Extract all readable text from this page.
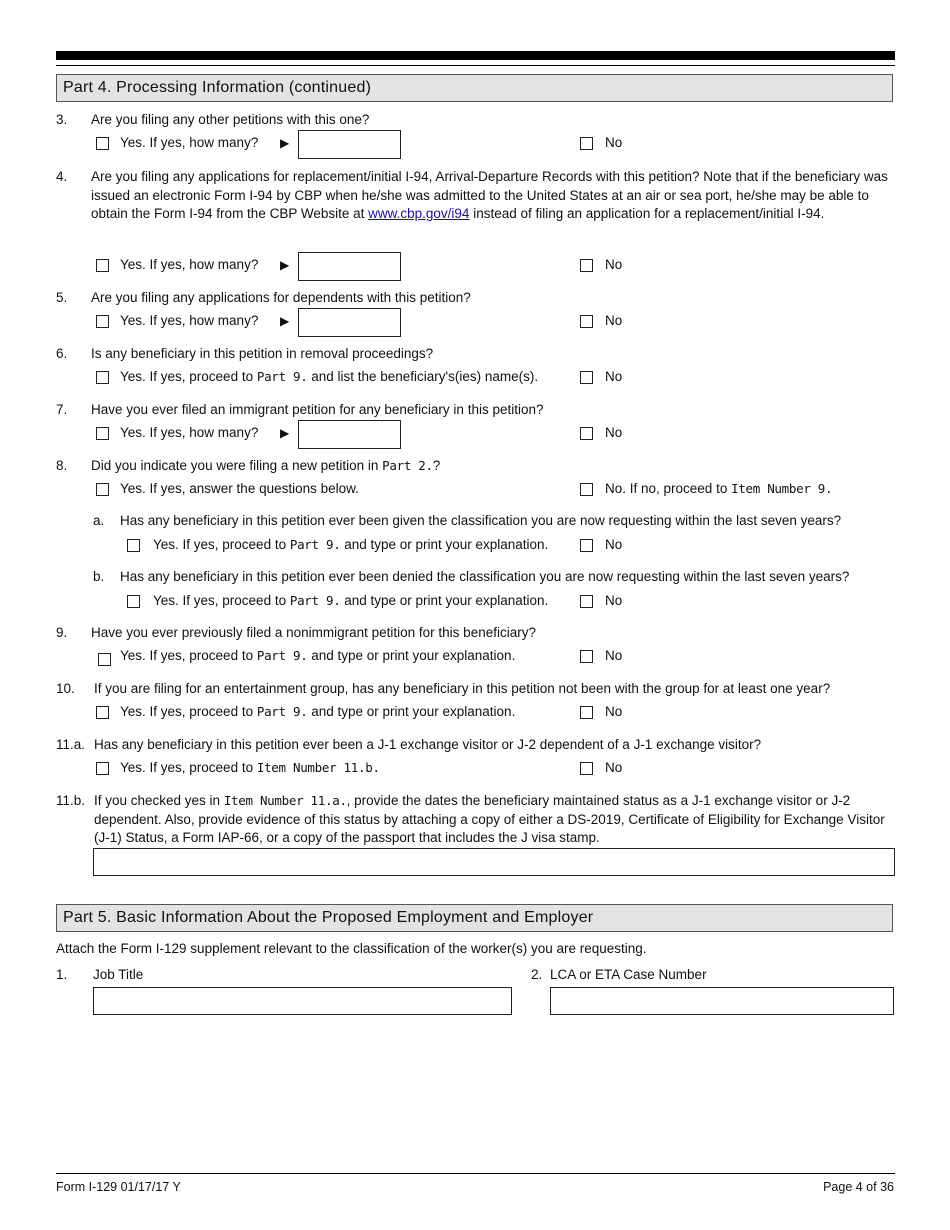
Part 4. Processing Information (continued)
3. Are you filing any other petitions with this one?
Yes. If yes, how many? ▶	No
4. Are you filing any applications for replacement/initial I-94, Arrival-Departure Records with this petition? Note that if the beneficiary was issued an electronic Form I-94 by CBP when he/she was admitted to the United States at an air or sea port, he/she may be able to obtain the Form I-94 from the CBP Website at www.cbp.gov/i94 instead of filing an application for a replacement/initial I-94.
Yes. If yes, how many? ▶	No
5. Are you filing any applications for dependents with this petition?
Yes. If yes, how many? ▶	No
6. Is any beneficiary in this petition in removal proceedings?
Yes. If yes, proceed to Part 9. and list the beneficiary's(ies) name(s).	No
7. Have you ever filed an immigrant petition for any beneficiary in this petition?
Yes. If yes, how many? ▶	No
8. Did you indicate you were filing a new petition in Part 2.?
Yes. If yes, answer the questions below.	No. If no, proceed to Item Number 9.
a. Has any beneficiary in this petition ever been given the classification you are now requesting within the last seven years?
Yes. If yes, proceed to Part 9. and type or print your explanation.	No
b. Has any beneficiary in this petition ever been denied the classification you are now requesting within the last seven years?
Yes. If yes, proceed to Part 9. and type or print your explanation.	No
9. Have you ever previously filed a nonimmigrant petition for this beneficiary?
Yes. If yes, proceed to Part 9. and type or print your explanation.	No
10. If you are filing for an entertainment group, has any beneficiary in this petition not been with the group for at least one year?
Yes. If yes, proceed to Part 9. and type or print your explanation.	No
11.a. Has any beneficiary in this petition ever been a J-1 exchange visitor or J-2 dependent of a J-1 exchange visitor?
Yes. If yes, proceed to Item Number 11.b.	No
11.b. If you checked yes in Item Number 11.a., provide the dates the beneficiary maintained status as a J-1 exchange visitor or J-2 dependent. Also, provide evidence of this status by attaching a copy of either a DS-2019, Certificate of Eligibility for Exchange Visitor (J-1) Status, a Form IAP-66, or a copy of the passport that includes the J visa stamp.
Part 5. Basic Information About the Proposed Employment and Employer
Attach the Form I-129 supplement relevant to the classification of the worker(s) you are requesting.
1. Job Title	2. LCA or ETA Case Number
Form I-129 01/17/17 Y	Page 4 of 36
